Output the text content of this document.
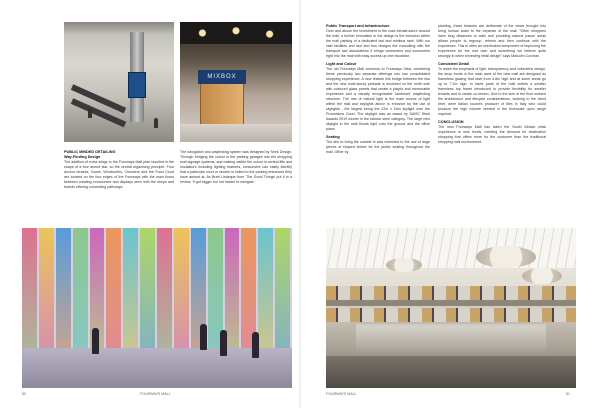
MIXBOX
PUBLIC MINDED DETAILING
Way-Finding Design

The addition of extra wings to the Fourways Mall plan resulted in the shape of a four armed star, so the central organising principle. Four anchor tenants, Game, Woolworths, Checkers and the Food Court are located on the four edges of the Fourways with the main floors between creating concourses and displays seen with the shops and brands offering connecting pathways.

The navigation and wayfinding system was designed by Seek Design. Through bringing the colour in the parking garages into the shopping mall signage systems, and making visible the colour in central lifts and escalators including lighting features, consumers can easily identify that a particular court or section is linked to the parking entrances they have arrived at. As Brett Lindeque from 'The Good Things' put it in a review, 'It got bigger but not harder to navigate.'

60	FOURWAYS MALL
Public Transport and Infrastructure

Over and above the investment in the road infrastructure around the mall, a further innovation in the design is the inclusion within the mall parking of a dedicated taxi and minibus rank. With our vast facilities and taxi and bus designs the consulting with the transport taxi associations it brings commuters and consumers right into the mall with easy access up one escalator.

Light and Colour

The old Fourways Mall connects to Fourways View, combining these previously two separate offerings into one consolidated shopping experience. A new feature link bridge between the two and the new multi-storey parkade is enclosed on the north side with coloured glass panels that create a playful and memorable experience and a visually recognisable 'landmark' wayfinding structure. The use of natural light is the main source of light within the mall and skylights above to enhance by the use of skylights - the largest being the 22m x 16m skylight over the Promotions Court. The skylight was an award by SAISC Steel Awards 2019 winner in the tubular steel category. The large new skylight in the mall floods light onto the ground and the office place.

Seating

The aim to bring the outside in was extended to the use of large pieces of shaped timber for the public seating throughout the mall. Other by

planting, these features are deliberate of the views brought into bring human scale to the expanse of the mall. "Often shoppers have long distances to walk and providing natural pause areas allows people to regroup, refresh and then continue with the experience. This is often an overlooked component of improving the experience for the end user and something we believe quite strongly in when reviewing retail design" says Malcolm Cochran.

Consistent Detail

To retain the emphasis of light, transparency and volumetric design, the shop fronts in the main area of the new mall are designed as frameless glazing that start from 4.8m high and at some areas go up to 7.2m high. In lower parts of the mall outlets a smaller frameless top frame introduced to provide flexibility for smaller tenants and to create co-hesion. Due to the size of the floor surface the architecture and lifecycle considerations, working to the client brief, were Italian sources producer of tiles in Italy who could produce the high volume needed in the timescale upon range required.

CONCLUSION

The new Fourways Mall has taken the South African retail experience to new levels, meeting the demand for destination shopping that offers more for the customer than the traditional shopping mall environment.

FOURWAYS MALL	61
